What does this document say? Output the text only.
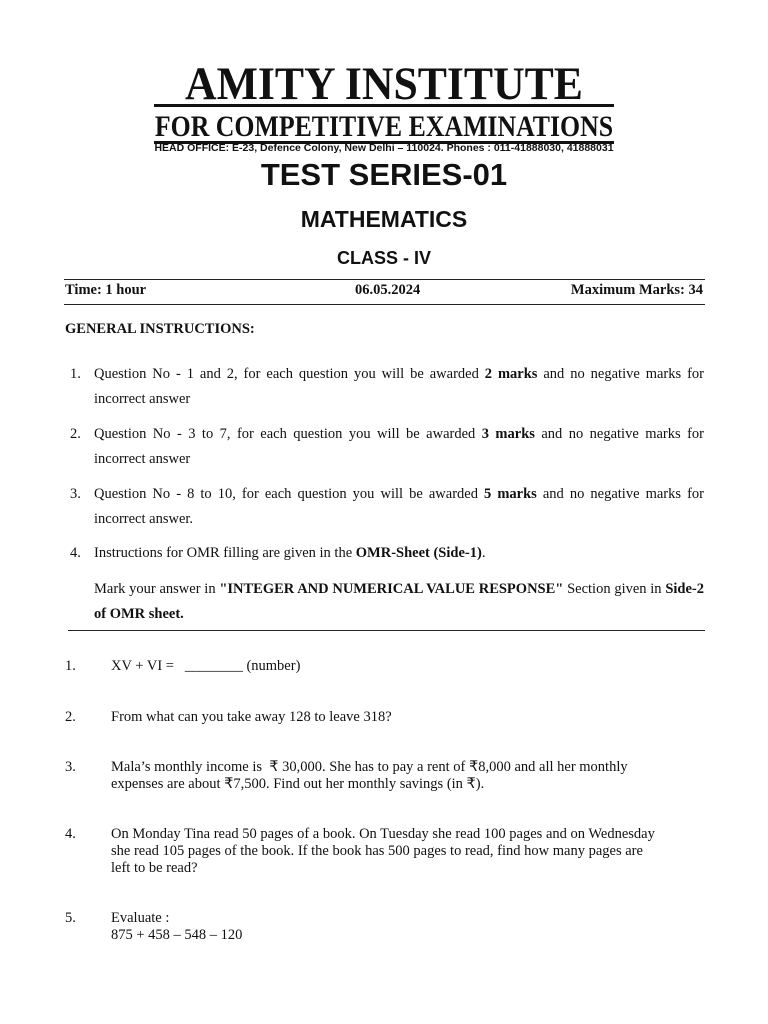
AMITY INSTITUTE
FOR COMPETITIVE EXAMINATIONS
HEAD OFFICE: E-23, Defence Colony, New Delhi – 110024. Phones : 011-41888030, 41888031
TEST SERIES-01
MATHEMATICS
CLASS - IV
Time: 1 hour	06.05.2024	Maximum Marks: 34
GENERAL INSTRUCTIONS:
1. Question No - 1 and 2, for each question you will be awarded 2 marks and no negative marks for incorrect answer
2. Question No - 3 to 7, for each question you will be awarded 3 marks and no negative marks for incorrect answer
3. Question No - 8 to 10, for each question you will be awarded 5 marks and no negative marks for incorrect answer.
4. Instructions for OMR filling are given in the OMR-Sheet (Side-1).
Mark your answer in "INTEGER AND NUMERICAL VALUE RESPONSE" Section given in Side-2 of OMR sheet.
1. XV + VI =   ________ (number)
2. From what can you take away 128 to leave 318?
3. Mala’s monthly income is  ₹ 30,000. She has to pay a rent of ₹8,000 and all her monthly
expenses are about ₹7,500. Find out her monthly savings (in ₹).
4. On Monday Tina read 50 pages of a book. On Tuesday she read 100 pages and on Wednesday
she read 105 pages of the book. If the book has 500 pages to read, find how many pages are
left to be read?
5. Evaluate :
875 + 458 – 548 – 120
